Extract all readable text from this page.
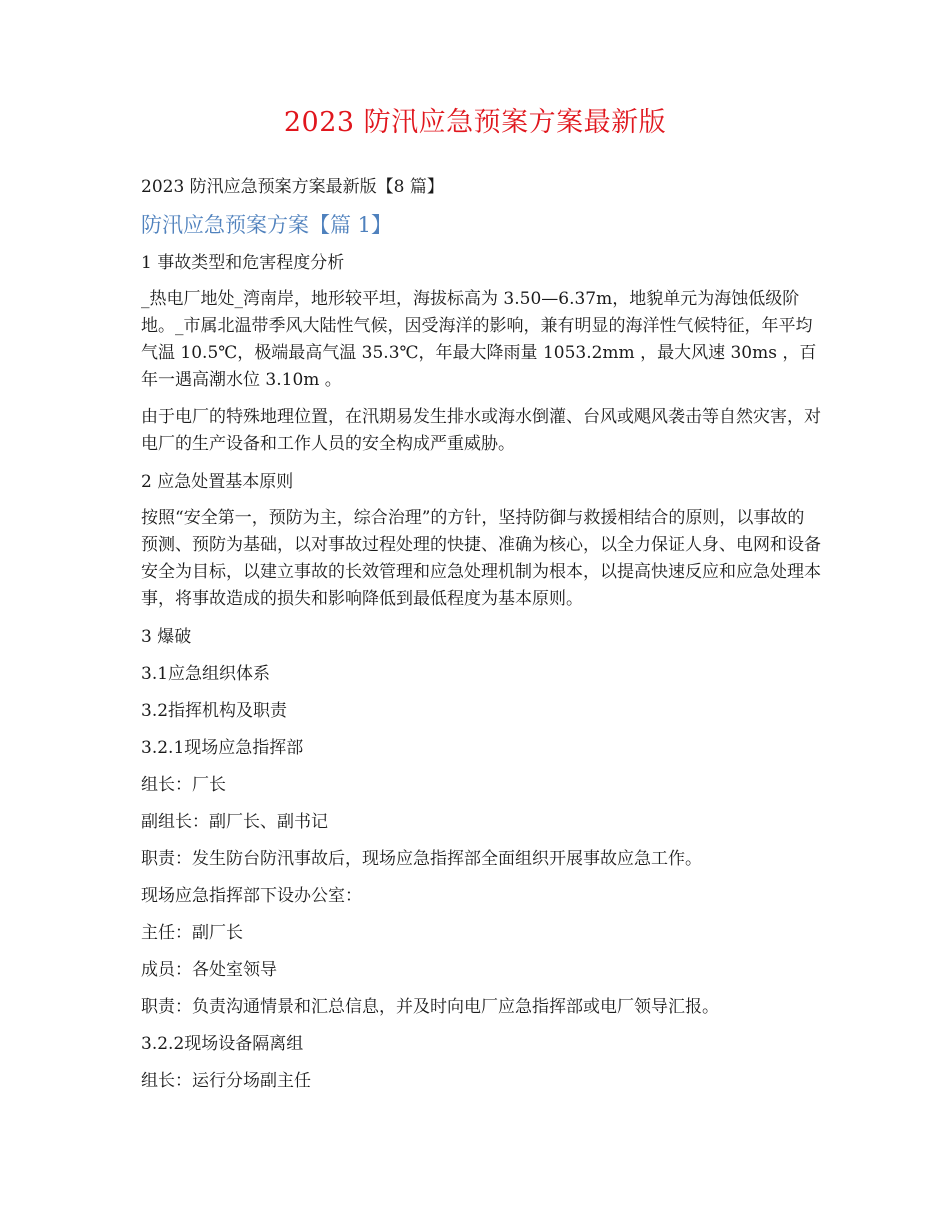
2023 防汛应急预案方案最新版
2023 防汛应急预案方案最新版【8 篇】
防汛应急预案方案【篇 1】
1 事故类型和危害程度分析
_热电厂地处_湾南岸，地形较平坦，海拔标高为 3.50—6.37m，地貌单元为海蚀低级阶地。_市属北温带季风大陆性气候，因受海洋的影响，兼有明显的海洋性气候特征，年平均气温 10.5℃，极端最高气温 35.3℃，年最大降雨量 1053.2mm ，最大风速 30ms ，百年一遇高潮水位 3.10m 。
由于电厂的特殊地理位置，在汛期易发生排水或海水倒灌、台风或飓风袭击等自然灾害，对电厂的生产设备和工作人员的安全构成严重威胁。
2 应急处置基本原则
按照“安全第一，预防为主，综合治理”的方针，坚持防御与救援相结合的原则，以事故的预测、预防为基础，以对事故过程处理的快捷、准确为核心，以全力保证人身、电网和设备安全为目标，以建立事故的长效管理和应急处理机制为根本，以提高快速反应和应急处理本事，将事故造成的损失和影响降低到最低程度为基本原则。
3 爆破
3.1应急组织体系
3.2指挥机构及职责
3.2.1现场应急指挥部
组长：厂长
副组长：副厂长、副书记
职责：发生防台防汛事故后，现场应急指挥部全面组织开展事故应急工作。
现场应急指挥部下设办公室：
主任：副厂长
成员：各处室领导
职责：负责沟通情景和汇总信息，并及时向电厂应急指挥部或电厂领导汇报。
3.2.2现场设备隔离组
组长：运行分场副主任
